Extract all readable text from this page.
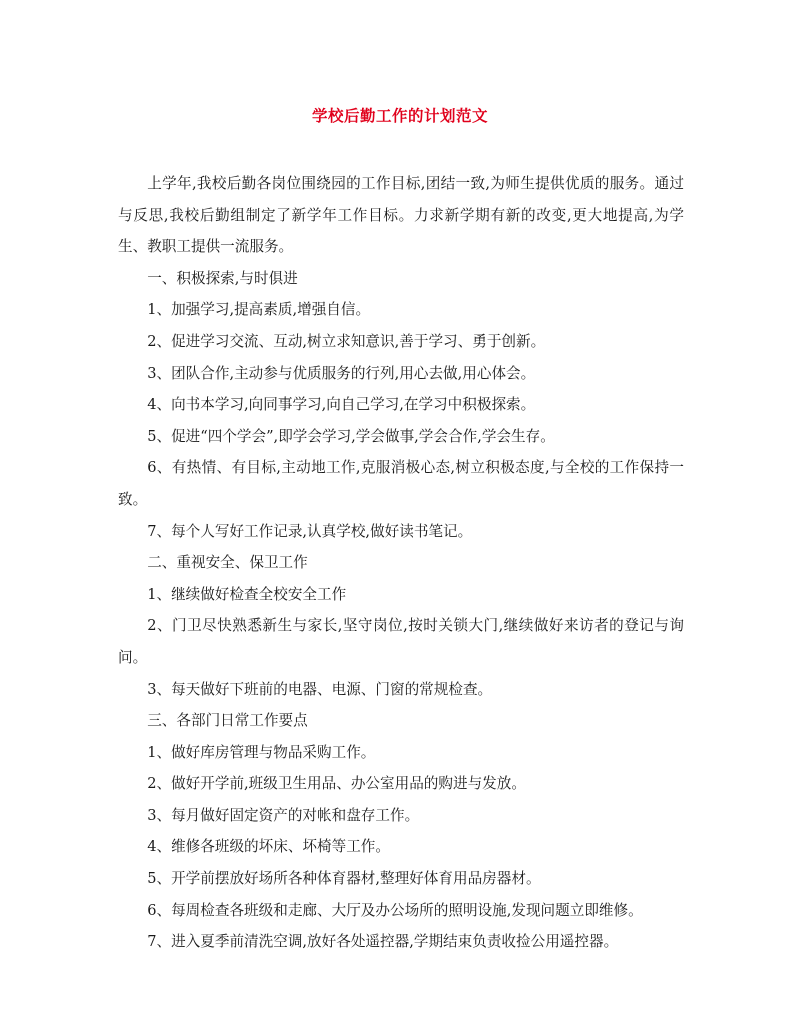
学校后勤工作的计划范文

上学年,我校后勤各岗位围绕园的工作目标,团结一致,为师生提供优质的服务。通过与反思,我校后勤组制定了新学年工作目标。力求新学期有新的改变,更大地提高,为学生、教职工提供一流服务。

一、积极探索,与时俱进

1、加强学习,提高素质,增强自信。

2、促进学习交流、互动,树立求知意识,善于学习、勇于创新。

3、团队合作,主动参与优质服务的行列,用心去做,用心体会。

4、向书本学习,向同事学习,向自己学习,在学习中积极探索。

5、促进“四个学会”,即学会学习,学会做事,学会合作,学会生存。

6、有热情、有目标,主动地工作,克服消极心态,树立积极态度,与全校的工作保持一致。

7、每个人写好工作记录,认真学校,做好读书笔记。

二、重视安全、保卫工作

1、继续做好检查全校安全工作

2、门卫尽快熟悉新生与家长,坚守岗位,按时关锁大门,继续做好来访者的登记与询问。

3、每天做好下班前的电器、电源、门窗的常规检查。

三、各部门日常工作要点

1、做好库房管理与物品采购工作。

2、做好开学前,班级卫生用品、办公室用品的购进与发放。

3、每月做好固定资产的对帐和盘存工作。

4、维修各班级的坏床、坏椅等工作。

5、开学前摆放好场所各种体育器材,整理好体育用品房器材。

6、每周检查各班级和走廊、大厅及办公场所的照明设施,发现问题立即维修。

7、进入夏季前清洗空调,放好各处遥控器,学期结束负责收捡公用遥控器。
